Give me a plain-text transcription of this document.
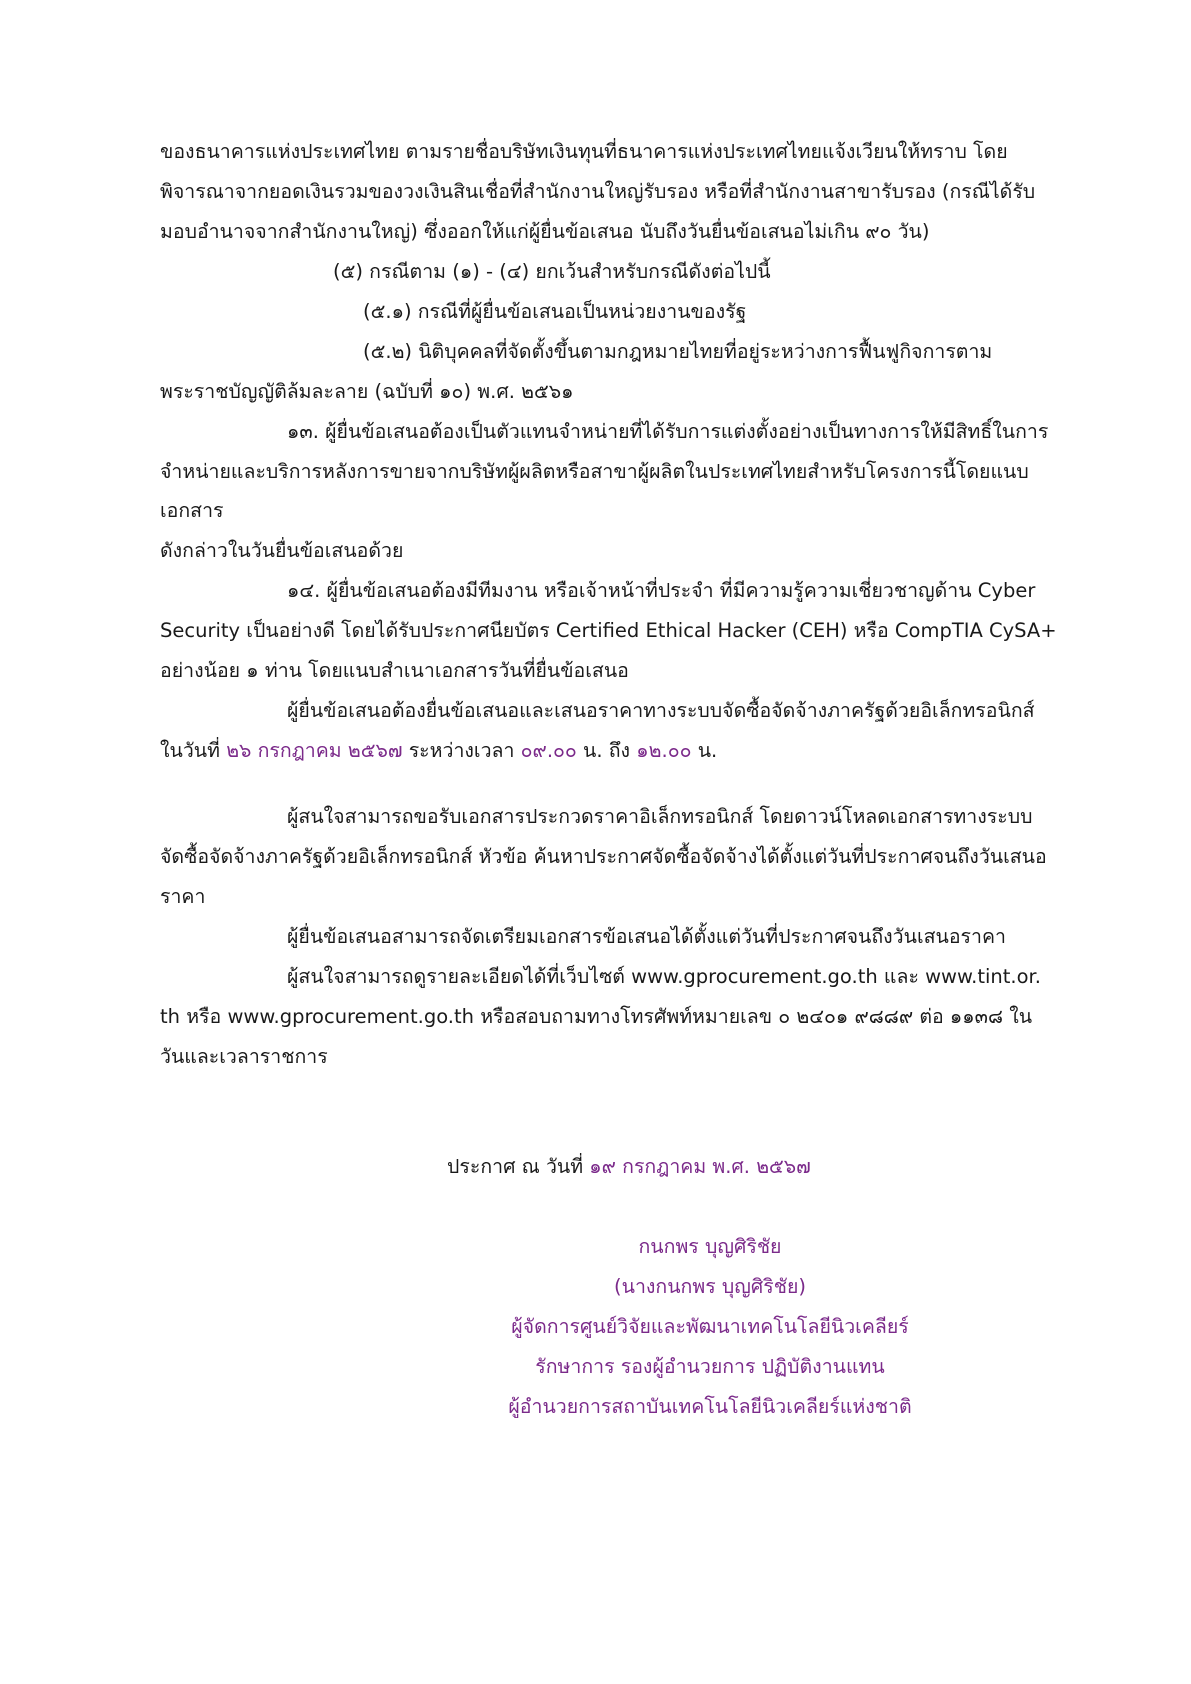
ของธนาคารแห่งประเทศไทย ตามรายชื่อบริษัทเงินทุนที่ธนาคารแห่งประเทศไทยแจ้งเวียนให้ทราบ โดย

พิจารณาจากยอดเงินรวมของวงเงินสินเชื่อที่สำนักงานใหญ่รับรอง หรือที่สำนักงานสาขารับรอง (กรณีได้รับ

มอบอำนาจจากสำนักงานใหญ่) ซึ่งออกให้แก่ผู้ยื่นข้อเสนอ นับถึงวันยื่นข้อเสนอไม่เกิน ๙๐ วัน)

(๕) กรณีตาม (๑) - (๔) ยกเว้นสำหรับกรณีดังต่อไปนี้

(๕.๑) กรณีที่ผู้ยื่นข้อเสนอเป็นหน่วยงานของรัฐ

(๕.๒) นิติบุคคลที่จัดตั้งขึ้นตามกฎหมายไทยที่อยู่ระหว่างการฟื้นฟูกิจการตาม

พระราชบัญญัติล้มละลาย (ฉบับที่ ๑๐) พ.ศ. ๒๕๖๑

๑๓. ผู้ยื่นข้อเสนอต้องเป็นตัวแทนจำหน่ายที่ได้รับการแต่งตั้งอย่างเป็นทางการให้มีสิทธิ์ในการ

จำหน่ายและบริการหลังการขายจากบริษัทผู้ผลิตหรือสาขาผู้ผลิตในประเทศไทยสำหรับโครงการนี้โดยแนบ

เอกสาร

ดังกล่าวในวันยื่นข้อเสนอด้วย

๑๔. ผู้ยื่นข้อเสนอต้องมีทีมงาน หรือเจ้าหน้าที่ประจำ ที่มีความรู้ความเชี่ยวชาญด้าน Cyber

Security เป็นอย่างดี โดยได้รับประกาศนียบัตร Certified Ethical Hacker (CEH) หรือ CompTIA CySA+

อย่างน้อย ๑ ท่าน โดยแนบสำเนาเอกสารวันที่ยื่นข้อเสนอ

ผู้ยื่นข้อเสนอต้องยื่นข้อเสนอและเสนอราคาทางระบบจัดซื้อจัดจ้างภาครัฐด้วยอิเล็กทรอนิกส์

ในวันที่ ๒๖ กรกฎาคม ๒๕๖๗ ระหว่างเวลา ๐๙.๐๐ น. ถึง ๑๒.๐๐ น.

ผู้สนใจสามารถขอรับเอกสารประกวดราคาอิเล็กทรอนิกส์ โดยดาวน์โหลดเอกสารทางระบบ

จัดซื้อจัดจ้างภาครัฐด้วยอิเล็กทรอนิกส์ หัวข้อ ค้นหาประกาศจัดซื้อจัดจ้างได้ตั้งแต่วันที่ประกาศจนถึงวันเสนอ

ราคา

ผู้ยื่นข้อเสนอสามารถจัดเตรียมเอกสารข้อเสนอได้ตั้งแต่วันที่ประกาศจนถึงวันเสนอราคา

ผู้สนใจสามารถดูรายละเอียดได้ที่เว็บไซต์ www.gprocurement.go.th และ www.tint.or.

th หรือ www.gprocurement.go.th หรือสอบถามทางโทรศัพท์หมายเลข ๐ ๒๔๐๑ ๙๘๘๙ ต่อ ๑๑๓๘ ใน

วันและเวลาราชการ

ประกาศ ณ วันที่ ๑๙ กรกฎาคม พ.ศ. ๒๕๖๗

กนกพร บุญศิริชัย

(นางกนกพร บุญศิริชัย)

ผู้จัดการศูนย์วิจัยและพัฒนาเทคโนโลยีนิวเคลียร์

รักษาการ รองผู้อำนวยการ ปฏิบัติงานแทน

ผู้อำนวยการสถาบันเทคโนโลยีนิวเคลียร์แห่งชาติ
